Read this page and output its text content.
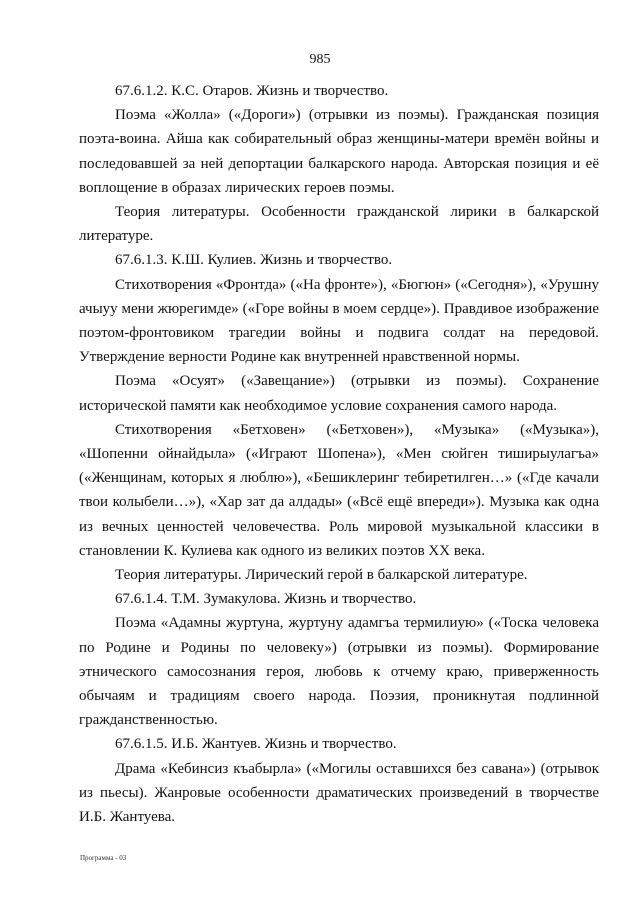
985

67.6.1.2. К.С. Отаров. Жизнь и творчество.

Поэма «Жолла» («Дороги») (отрывки из поэмы). Гражданская позиция поэта-воина. Айша как собирательный образ женщины-матери времён войны и последовавшей за ней депортации балкарского народа. Авторская позиция и её воплощение в образах лирических героев поэмы.

Теория литературы. Особенности гражданской лирики в балкарской литературе.

67.6.1.3. К.Ш. Кулиев. Жизнь и творчество.

Стихотворения «Фронтда» («На фронте»), «Бюгюн» («Сегодня»), «Урушну ачыуу мени жюрегимде» («Горе войны в моем сердце»). Правдивое изображение поэтом-фронтовиком трагедии войны и подвига солдат на передовой. Утверждение верности Родине как внутренней нравственной нормы.

Поэма «Осуят» («Завещание») (отрывки из поэмы). Сохранение исторической памяти как необходимое условие сохранения самого народа.

Стихотворения «Бетховен» («Бетховен»), «Музыка» («Музыка»), «Шопенни ойнайдыла» («Играют Шопена»), «Мен сюйген тиширыулагъа» («Женщинам, которых я люблю»), «Бешиклеринг тебиретилген…» («Где качали твои колыбели…»), «Хар зат да алдады» («Всё ещё впереди»). Музыка как одна из вечных ценностей человечества. Роль мировой музыкальной классики в становлении К. Кулиева как одного из великих поэтов XX века.

Теория литературы. Лирический герой в балкарской литературе.

67.6.1.4. Т.М. Зумакулова. Жизнь и творчество.

Поэма «Адамны журтуна, журтуну адамгъа термилиую» («Тоска человека по Родине и Родины по человеку») (отрывки из поэмы). Формирование этнического самосознания героя, любовь к отчему краю, приверженность обычаям и традициям своего народа. Поэзия, проникнутая подлинной гражданственностью.

67.6.1.5. И.Б. Жантуев. Жизнь и творчество.

Драма «Кебинсиз къабырла» («Могилы оставшихся без савана») (отрывок из пьесы). Жанровые особенности драматических произведений в творчестве И.Б. Жантуева.

Программа - 03
